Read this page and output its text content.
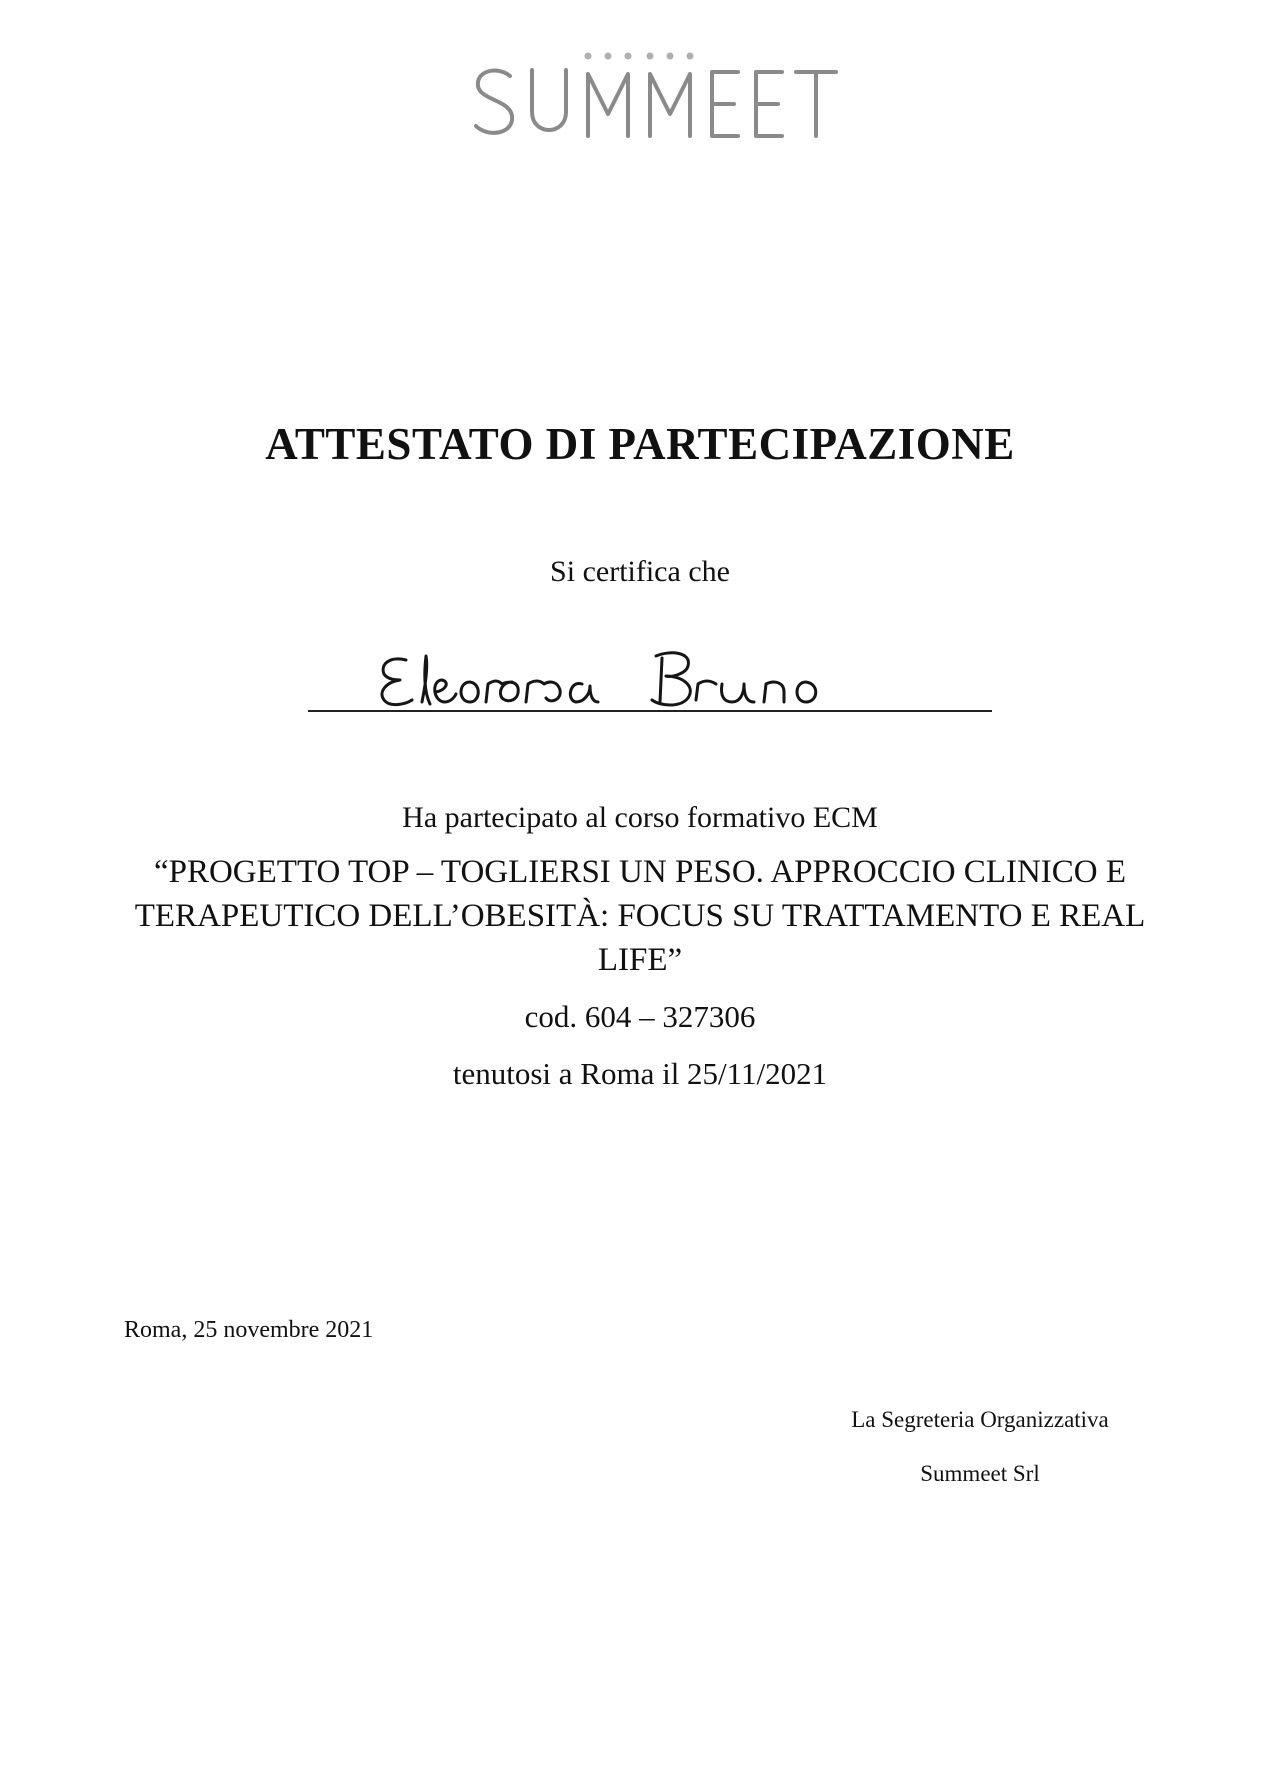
ATTESTATO DI PARTECIPAZIONE
Si certifica che
Ha partecipato al corso formativo ECM
“PROGETTO TOP – TOGLIERSI UN PESO. APPROCCIO CLINICO E TERAPEUTICO DELL’OBESITÀ: FOCUS SU TRATTAMENTO E REAL LIFE”
cod. 604 – 327306
tenutosi a Roma il 25/11/2021
Roma, 25 novembre 2021
La Segreteria Organizzativa
Summeet Srl
